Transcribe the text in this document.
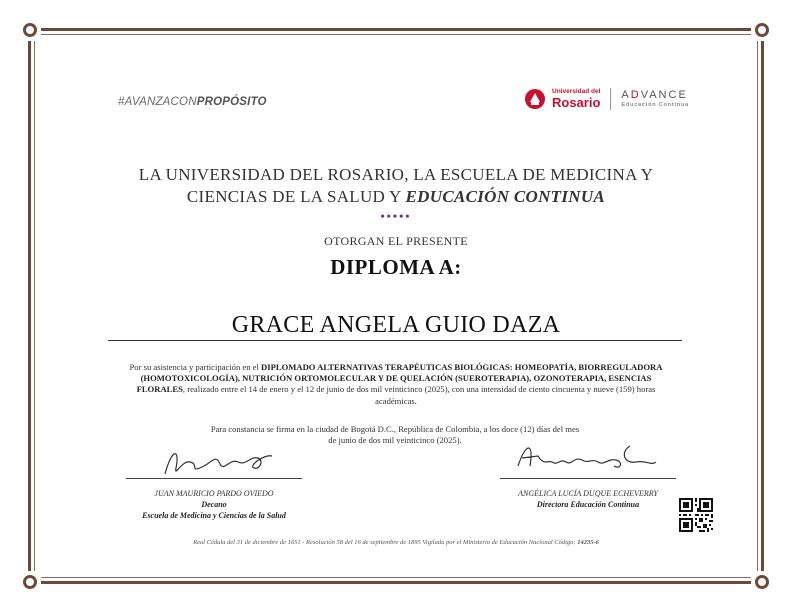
#AVANZACONPROPÓSITO
Universidad del
Rosario ADVANCE
Educación Continua
LA UNIVERSIDAD DEL ROSARIO, LA ESCUELA DE MEDICINA Y
CIENCIAS DE LA SALUD Y EDUCACIÓN CONTINUA
•••••
OTORGAN EL PRESENTE
DIPLOMA A:
GRACE ANGELA GUIO DAZA
Por su asistencia y participación en el DIPLOMADO ALTERNATIVAS TERAPÉUTICAS BIOLÓGICAS: HOMEOPATÍA, BIORREGULADORA (HOMOTOXICOLOGÍA), NUTRICIÓN ORTOMOLECULAR Y DE QUELACIÓN (SUEROTERAPIA), OZONOTERAPIA, ESENCIAS FLORALES, realizado entre el 14 de enero y el 12 de junio de dos mil veinticinco (2025), con una intensidad de ciento cincuenta y nueve (159) horas académicas.
Para constancia se firma en la ciudad de Bogotá D.C., República de Colombia, a los doce (12) días del mes
de junio de dos mil veinticinco (2025).
JUAN MAURICIO PARDO OVIEDO
Decano
Escuela de Medicina y Ciencias de la Salud
ANGÉLICA LUCÍA DUQUE ECHEVERRY
Directora Educación Continua
Real Cédula del 31 de diciembre de 1651 - Resolución 58 del 16 de septiembre de 1895 Vigilada por el Ministerio de Educación Nacional Código: 14235-6
